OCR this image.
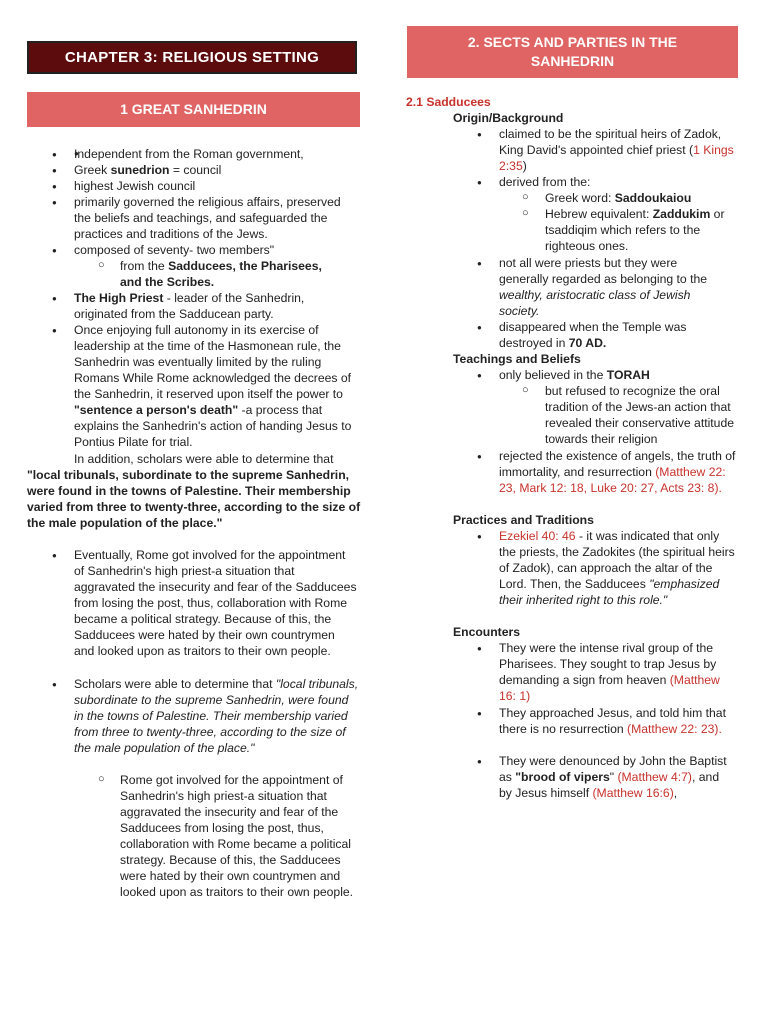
CHAPTER 3: RELIGIOUS SETTING
1 GREAT SANHEDRIN
2. SECTS AND PARTIES IN THE
SANHEDRIN
● Independent from the Roman government,
Greek sunedrion = council
highest Jewish council
primarily governed the religious affairs, preserved the beliefs and teachings, and safeguarded the practices and traditions of the Jews.
composed of seventy- two members"
from the Sadducees, the Pharisees, and the Scribes.
The High Priest - leader of the Sanhedrin, originated from the Sadducean party.
Once enjoying full autonomy in its exercise of leadership at the time of the Hasmonean rule, the Sanhedrin was eventually limited by the ruling Romans While Rome acknowledged the decrees of the Sanhedrin, it reserved upon itself the power to "sentence a person's death" -a process that explains the Sanhedrin's action of handing Jesus to Pontius Pilate for trial.
In addition, scholars were able to determine that
"local tribunals, subordinate to the supreme Sanhedrin, were found in the towns of Palestine. Their membership varied from three to twenty-three, according to the size of the male population of the place."
Eventually, Rome got involved for the appointment of Sanhedrin's high priest-a situation that aggravated the insecurity and fear of the Sadducees from losing the post, thus, collaboration with Rome became a political strategy. Because of this, the Sadducees were hated by their own countrymen and looked upon as traitors to their own people.
Scholars were able to determine that "local tribunals, subordinate to the supreme Sanhedrin, were found in the towns of Palestine. Their membership varied from three to twenty-three, according to the size of the male population of the place."
Rome got involved for the appointment of Sanhedrin's high priest-a situation that aggravated the insecurity and fear of the Sadducees from losing the post, thus, collaboration with Rome became a political strategy. Because of this, the Sadducees were hated by their own countrymen and looked upon as traitors to their own people.
●
●
●
●
●
○
●
●
●
●
○
2.1 Sadducees
Origin/Background
claimed to be the spiritual heirs of Zadok, King David's appointed chief priest (1 Kings 2:35)
derived from the:
Greek word: Saddoukaiou
Hebrew equivalent: Zaddukim or tsaddiqim which refers to the righteous ones.
not all were priests but they were generally regarded as belonging to the wealthy, aristocratic class of Jewish society.
disappeared when the Temple was destroyed in 70 AD.
Teachings and Beliefs
only believed in the TORAH
but refused to recognize the oral tradition of the Jews-an action that revealed their conservative attitude towards their religion
rejected the existence of angels, the truth of immortality, and resurrection (Matthew 22: 23, Mark 12: 18, Luke 20: 27, Acts 23: 8).
Practices and Traditions
Ezekiel 40: 46 - it was indicated that only the priests, the Zadokites (the spiritual heirs of Zadok), can approach the altar of the Lord. Then, the Sadducees "emphasized their inherited right to this role."
Encounters
They were the intense rival group of the Pharisees. They sought to trap Jesus by demanding a sign from heaven (Matthew 16: 1)
They approached Jesus, and told him that there is no resurrection (Matthew 22: 23).
They were denounced by John the Baptist as "brood of vipers" (Matthew 4:7), and by Jesus himself (Matthew 16:6),
●
●
○
○
●
●
●
○
●
●
●
●
●
